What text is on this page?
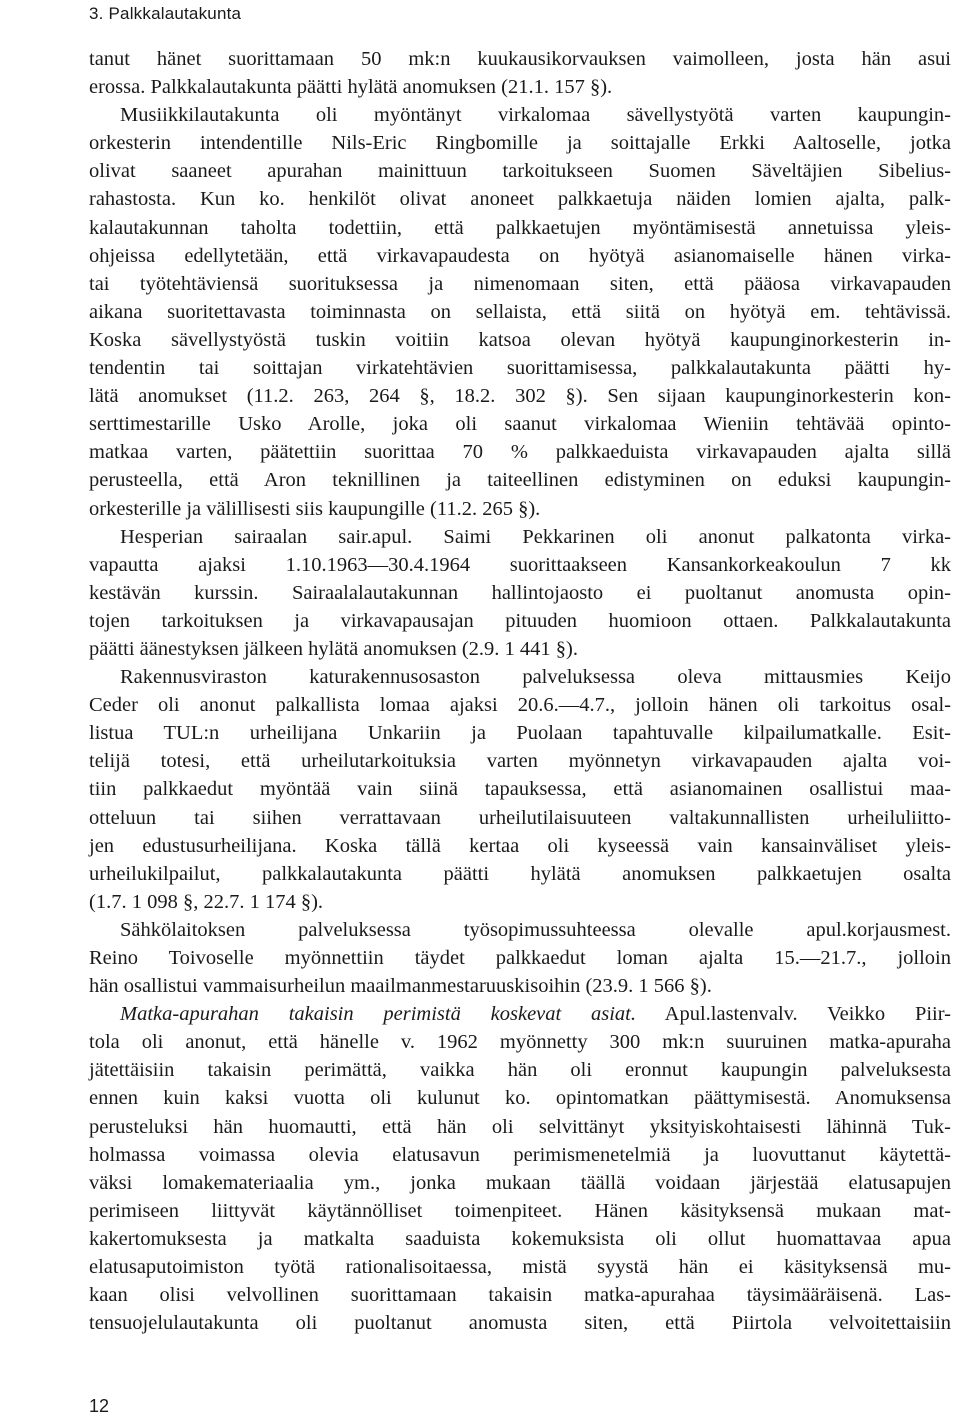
3. Palkkalautakunta
tanut hänet suorittamaan 50 mk:n kuukausikorvauksen vaimolleen, josta hän asui
erossa. Palkkalautakunta päätti hylätä anomuksen (21.1. 157 §).
Musiikkilautakunta oli myöntänyt virkalomaa sävellystyötä varten kaupungin-
orkesterin intendentille Nils-Eric Ringbomille ja soittajalle Erkki Aaltoselle, jotka
olivat saaneet apurahan mainittuun tarkoitukseen Suomen Säveltäjien Sibelius-
rahastosta. Kun ko. henkilöt olivat anoneet palkkaetuja näiden lomien ajalta, palk-
kalautakunnan taholta todettiin, että palkkaetujen myöntämisestä annetuissa yleis-
ohjeissa edellytetään, että virkavapaudesta on hyötyä asianomaiselle hänen virka-
tai työtehtäviensä suorituksessa ja nimenomaan siten, että pääosa virkavapauden
aikana suoritettavasta toiminnasta on sellaista, että siitä on hyötyä em. tehtävissä.
Koska sävellystyöstä tuskin voitiin katsoa olevan hyötyä kaupunginorkesterin in-
tendentin tai soittajan virkatehtävien suorittamisessa, palkkalautakunta päätti hy-
lätä anomukset (11.2. 263, 264 §, 18.2. 302 §). Sen sijaan kaupunginorkesterin kon-
serttimestarille Usko Arolle, joka oli saanut virkalomaa Wieniin tehtävää opinto-
matkaa varten, päätettiin suorittaa 70 % palkkaeduista virkavapauden ajalta sillä
perusteella, että Aron teknillinen ja taiteellinen edistyminen on eduksi kaupungin-
orkesterille ja välillisesti siis kaupungille (11.2. 265 §).
Hesperian sairaalan sair.apul. Saimi Pekkarinen oli anonut palkatonta virka-
vapautta ajaksi 1.10.1963—30.4.1964 suorittaakseen Kansankorkeakoulun 7 kk
kestävän kurssin. Sairaalalautakunnan hallintojaosto ei puoltanut anomusta opin-
tojen tarkoituksen ja virkavapausajan pituuden huomioon ottaen. Palkkalautakunta
päätti äänestyksen jälkeen hylätä anomuksen (2.9. 1 441 §).
Rakennusviraston katurakennusosaston palveluksessa oleva mittausmies Keijo
Ceder oli anonut palkallista lomaa ajaksi 20.6.—4.7., jolloin hänen oli tarkoitus osal-
listua TUL:n urheilijana Unkariin ja Puolaan tapahtuvalle kilpailumatkalle. Esit-
telijä totesi, että urheilutarkoituksia varten myönnetyn virkavapauden ajalta voi-
tiin palkkaedut myöntää vain siinä tapauksessa, että asianomainen osallistui maa-
otteluun tai siihen verrattavaan urheilutilaisuuteen valtakunnallisten urheiluliitto-
jen edustusurheilijana. Koska tällä kertaa oli kyseessä vain kansainväliset yleis-
urheilukilpailut, palkkalautakunta päätti hylätä anomuksen palkkaetujen osalta
(1.7. 1 098 §, 22.7. 1 174 §).
Sähkölaitoksen palveluksessa työsopimussuhteessa olevalle apul.korjausmest.
Reino Toivoselle myönnettiin täydet palkkaedut loman ajalta 15.—21.7., jolloin
hän osallistui vammaisurheilun maailmanmestaruuskisoihin (23.9. 1 566 §).
Matka-apurahan takaisin perimistä koskevat asiat. Apul.lastenvalv. Veikko Piir-
tola oli anonut, että hänelle v. 1962 myönnetty 300 mk:n suuruinen matka-apuraha
jätettäisiin takaisin perimättä, vaikka hän oli eronnut kaupungin palveluksesta
ennen kuin kaksi vuotta oli kulunut ko. opintomatkan päättymisestä. Anomuksensa
perusteluksi hän huomautti, että hän oli selvittänyt yksityiskohtaisesti lähinnä Tuk-
holmassa voimassa olevia elatusavun perimismenetelmiä ja luovuttanut käytettä-
väksi lomakemateriaalia ym., jonka mukaan täällä voidaan järjestää elatusapujen
perimiseen liittyvät käytännölliset toimenpiteet. Hänen käsityksensä mukaan mat-
kakertomuksesta ja matkalta saaduista kokemuksista oli ollut huomattavaa apua
elatusaputoimiston työtä rationalisoitaessa, mistä syystä hän ei käsityksensä mu-
kaan olisi velvollinen suorittamaan takaisin matka-apurahaa täysimääräisenä. Las-
tensuojelulautakunta oli puoltanut anomusta siten, että Piirtola velvoitettaisiin
12
